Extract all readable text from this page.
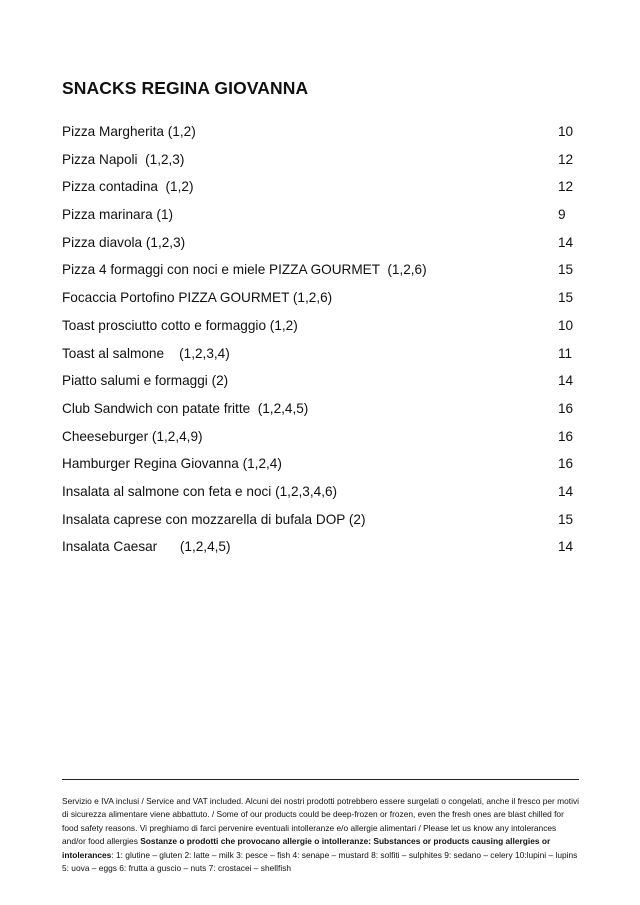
SNACKS REGINA GIOVANNA
Pizza Margherita (1,2)	10
Pizza Napoli  (1,2,3)	12
Pizza contadina  (1,2)	12
Pizza marinara (1)	9
Pizza diavola (1,2,3)	14
Pizza 4 formaggi con noci e miele PIZZA GOURMET  (1,2,6)	15
Focaccia Portofino PIZZA GOURMET (1,2,6)	15
Toast prosciutto cotto e formaggio (1,2)	10
Toast al salmone    (1,2,3,4)	11
Piatto salumi e formaggi (2)	14
Club Sandwich con patate fritte  (1,2,4,5)	16
Cheeseburger (1,2,4,9)	16
Hamburger Regina Giovanna (1,2,4)	16
Insalata al salmone con feta e noci (1,2,3,4,6)	14
Insalata caprese con mozzarella di bufala DOP (2)	15
Insalata Caesar      (1,2,4,5)	14
Servizio e IVA inclusi / Service and VAT included. Alcuni dei nostri prodotti potrebbero essere surgelati o congelati, anche il fresco per motivi di sicurezza alimentare viene abbattuto. / Some of our products could be deep-frozen or frozen, even the fresh ones are blast chilled for food safety reasons. Vi preghiamo di farci pervenire eventuali intolleranze e/o allergie alimentari / Please let us know any intolerances and/or food allergies Sostanze o prodotti che provocano allergie o intolleranze: Substances or products causing allergies or intolerances: 1: glutine – gluten 2: latte – milk 3: pesce – fish 4: senape – mustard 8: solfiti – sulphites 9: sedano – celery 10:lupini – lupins 5: uova – eggs 6: frutta a guscio – nuts 7: crostacei – shellfish
